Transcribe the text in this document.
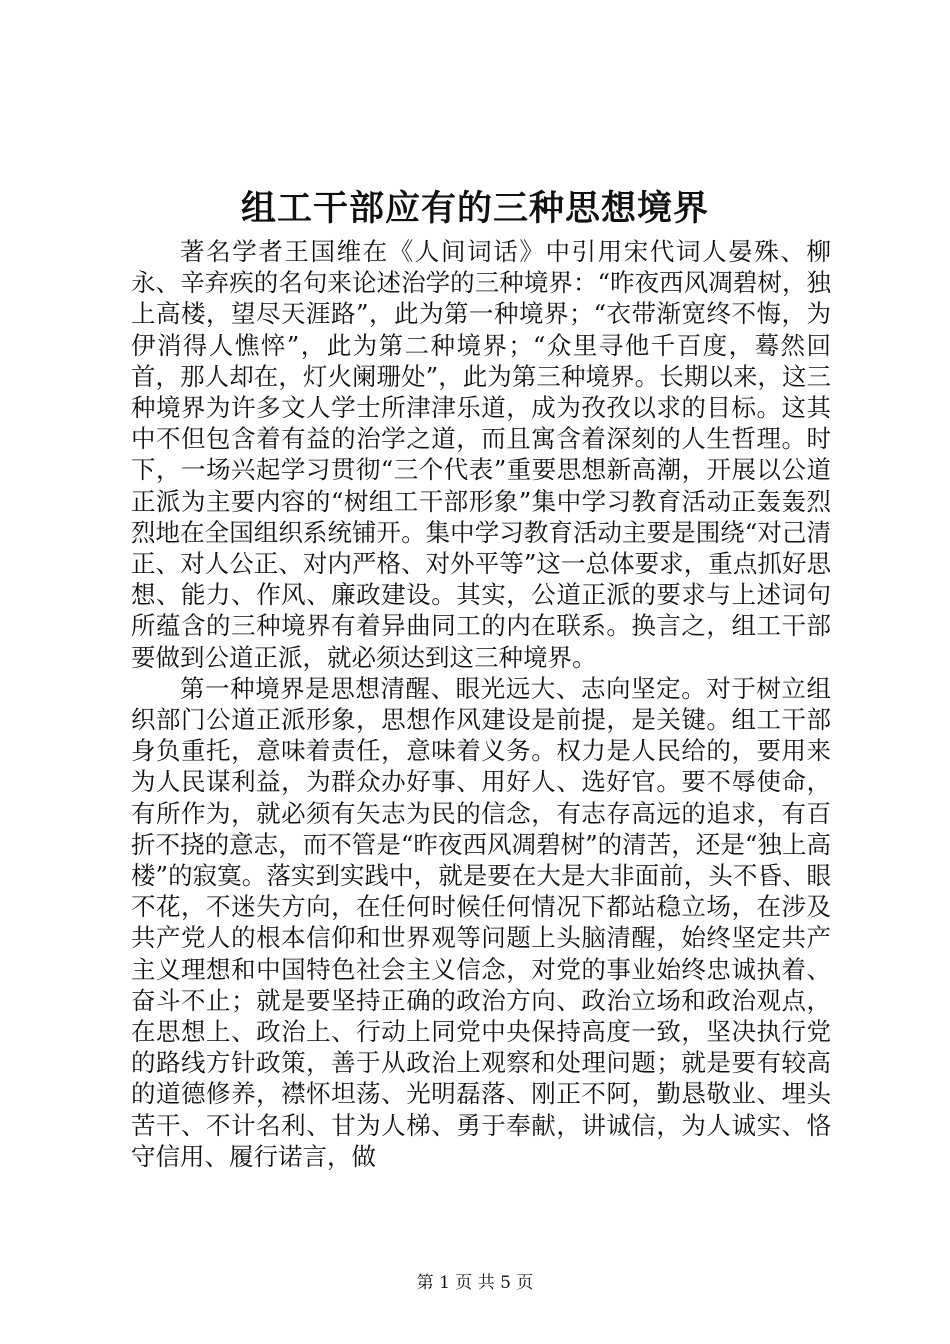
组工干部应有的三种思想境界

著名学者王国维在《人间词话》中引用宋代词人晏殊、柳永、辛弃疾的名句来论述治学的三种境界：“昨夜西风凋碧树，独上高楼，望尽天涯路”，此为第一种境界；“衣带渐宽终不悔，为伊消得人憔悴”，此为第二种境界；“众里寻他千百度，蓦然回首，那人却在，灯火阑珊处”，此为第三种境界。长期以来，这三种境界为许多文人学士所津津乐道，成为孜孜以求的目标。这其中不但包含着有益的治学之道，而且寓含着深刻的人生哲理。时下，一场兴起学习贯彻“三个代表”重要思想新高潮，开展以公道正派为主要内容的“树组工干部形象”集中学习教育活动正轰轰烈烈地在全国组织系统铺开。集中学习教育活动主要是围绕“对己清正、对人公正、对内严格、对外平等”这一总体要求，重点抓好思想、能力、作风、廉政建设。其实，公道正派的要求与上述词句所蕴含的三种境界有着异曲同工的内在联系。换言之，组工干部要做到公道正派，就必须达到这三种境界。

第一种境界是思想清醒、眼光远大、志向坚定。对于树立组织部门公道正派形象，思想作风建设是前提，是关键。组工干部身负重托，意味着责任，意味着义务。权力是人民给的，要用来为人民谋利益，为群众办好事、用好人、选好官。要不辱使命，有所作为，就必须有矢志为民的信念，有志存高远的追求，有百折不挠的意志，而不管是“昨夜西风凋碧树”的清苦，还是“独上高楼”的寂寞。落实到实践中，就是要在大是大非面前，头不昏、眼不花，不迷失方向，在任何时候任何情况下都站稳立场，在涉及共产党人的根本信仰和世界观等问题上头脑清醒，始终坚定共产主义理想和中国特色社会主义信念，对党的事业始终忠诚执着、奋斗不止；就是要坚持正确的政治方向、政治立场和政治观点，在思想上、政治上、行动上同党中央保持高度一致，坚决执行党的路线方针政策，善于从政治上观察和处理问题；就是要有较高的道德修养，襟怀坦荡、光明磊落、刚正不阿，勤恳敬业、埋头苦干、不计名利、甘为人梯、勇于奉献，讲诚信，为人诚实、恪守信用、履行诺言，做

第 1 页 共 5 页
